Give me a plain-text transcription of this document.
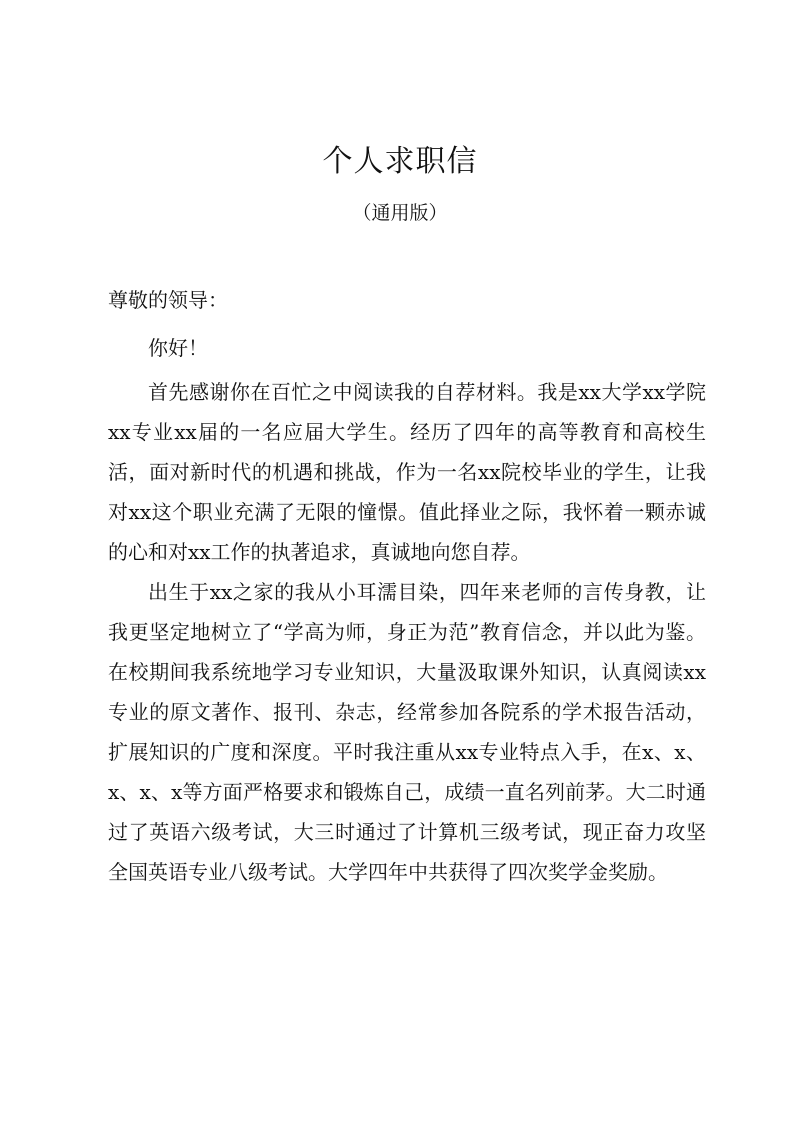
个人求职信
（通用版）

尊敬的领导：

你好！

首先感谢你在百忙之中阅读我的自荐材料。我是xx大学xx学院xx专业xx届的一名应届大学生。经历了四年的高等教育和高校生活，面对新时代的机遇和挑战，作为一名xx院校毕业的学生，让我对xx这个职业充满了无限的憧憬。值此择业之际，我怀着一颗赤诚的心和对xx工作的执著追求，真诚地向您自荐。

出生于xx之家的我从小耳濡目染，四年来老师的言传身教，让我更坚定地树立了“学高为师，身正为范”教育信念，并以此为鉴。在校期间我系统地学习专业知识，大量汲取课外知识，认真阅读xx专业的原文著作、报刊、杂志，经常参加各院系的学术报告活动，扩展知识的广度和深度。平时我注重从xx专业特点入手，在x、x、x、x、x等方面严格要求和锻炼自己，成绩一直名列前茅。大二时通过了英语六级考试，大三时通过了计算机三级考试，现正奋力攻坚全国英语专业八级考试。大学四年中共获得了四次奖学金奖励。
